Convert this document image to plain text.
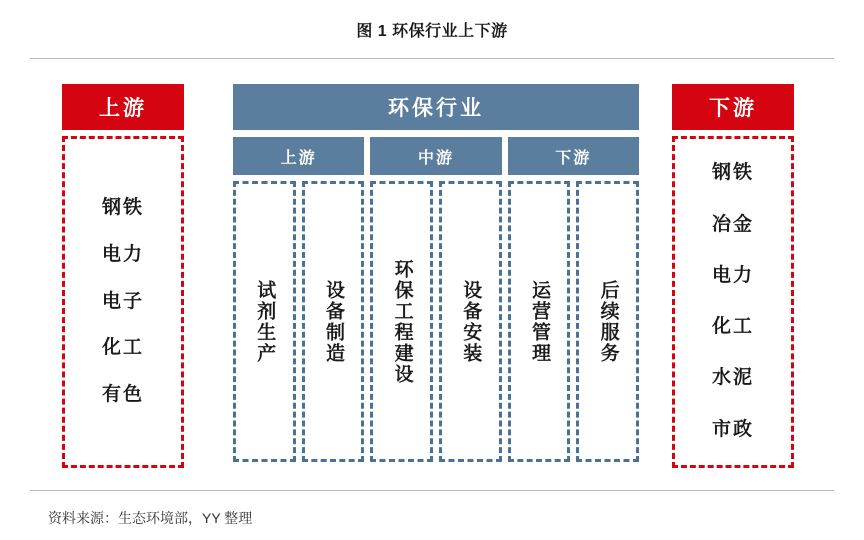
图 1 环保行业上下游
上游
钢铁
电力
电子
化工
有色
环保行业
上游
试剂生产	设备制造
中游
环保工程建设	设备安装
下游
运营管理	后续服务
下游
钢铁
冶金
电力
化工
水泥
市政
资料来源：生态环境部，YY 整理
